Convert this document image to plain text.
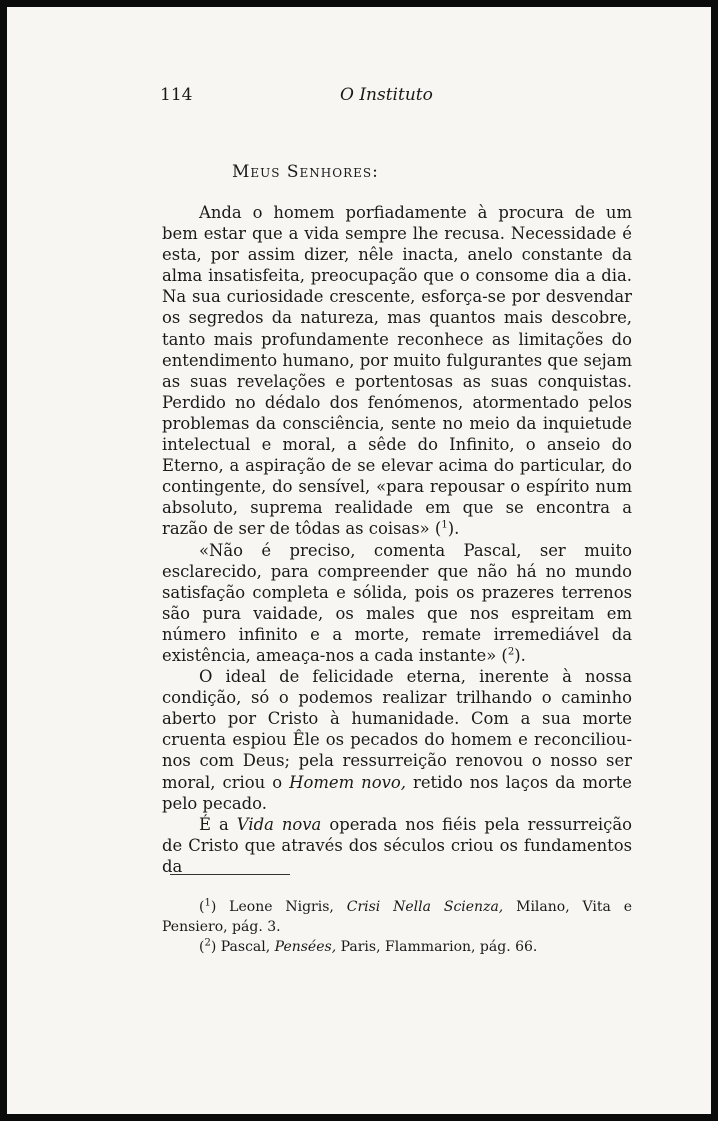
114	O Instituto
Meus Senhores:

Anda o homem porfiadamente à procura de um bem estar que a vida sempre lhe recusa. Necessidade é esta, por assim dizer, nêle inacta, anelo constante da alma insatisfeita, preocupação que o consome dia a dia. Na sua curiosidade crescente, esforça-se por desvendar os segredos da natureza, mas quantos mais descobre, tanto mais profundamente reconhece as limitações do entendimento humano, por muito fulgurantes que sejam as suas revelações e portentosas as suas conquistas. Perdido no dédalo dos fenómenos, atormentado pelos problemas da consciência, sente no meio da inquietude intelectual e moral, a sêde do Infinito, o anseio do Eterno, a aspiração de se elevar acima do particular, do contingente, do sensível, «para repousar o espírito num absoluto, suprema realidade em que se encontra a razão de ser de tôdas as coisas» ($^1$).

«Não é preciso, comenta Pascal, ser muito esclarecido, para compreender que não há no mundo satisfação completa e sólida, pois os prazeres terrenos são pura vaidade, os males que nos espreitam em número infinito e a morte, remate irremediável da existência, ameaça-nos a cada instante» ($^2$).

O ideal de felicidade eterna, inerente à nossa condição, só o podemos realizar trilhando o caminho aberto por Cristo à humanidade. Com a sua morte cruenta espiou Êle os pecados do homem e reconciliou-nos com Deus; pela ressurreição renovou o nosso ser moral, criou o Homem novo, retido nos laços da morte pelo pecado.

É a Vida nova operada nos fiéis pela ressurreição de Cristo que através dos séculos criou os fundamentos da

($^1$) Leone Nigris, Crisi Nella Scienza, Milano, Vita e Pensiero, pág. 3.

($^2$) Pascal, Pensées, Paris, Flammarion, pág. 66.
